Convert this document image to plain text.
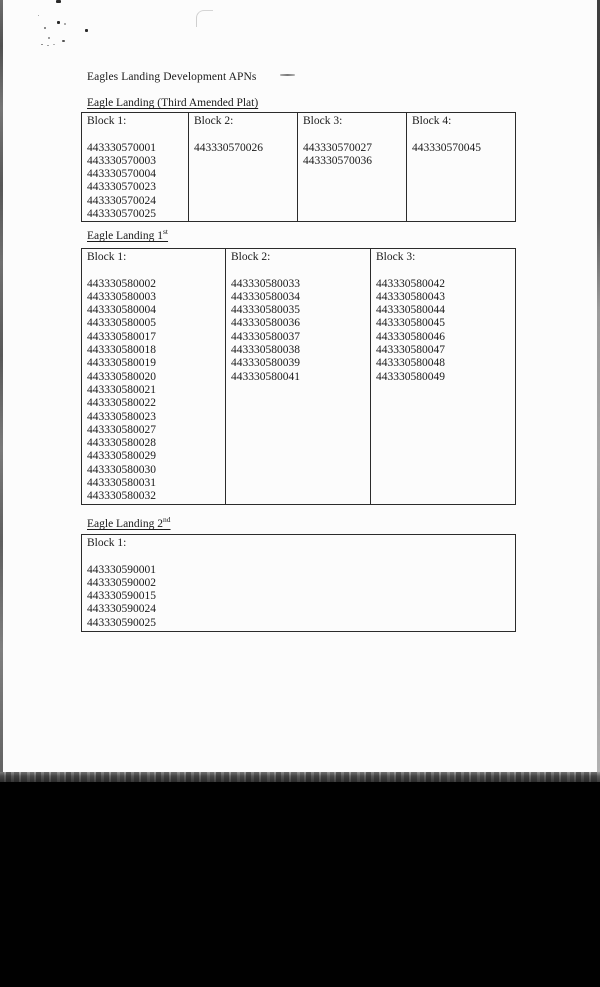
Eagles Landing Development APNs
Eagle Landing (Third Amended Plat)
Block 1:
443330570001
443330570003
443330570004
443330570023
443330570024
443330570025
Block 2:
443330570026
Block 3:
443330570027
443330570036
Block 4:
443330570045
Eagle Landing 1st
Block 1:
443330580002
443330580003
443330580004
443330580005
443330580017
443330580018
443330580019
443330580020
443330580021
443330580022
443330580023
443330580027
443330580028
443330580029
443330580030
443330580031
443330580032
Block 2:
443330580033
443330580034
443330580035
443330580036
443330580037
443330580038
443330580039
443330580041
Block 3:
443330580042
443330580043
443330580044
443330580045
443330580046
443330580047
443330580048
443330580049
Eagle Landing 2nd
Block 1:
443330590001
443330590002
443330590015
443330590024
443330590025
